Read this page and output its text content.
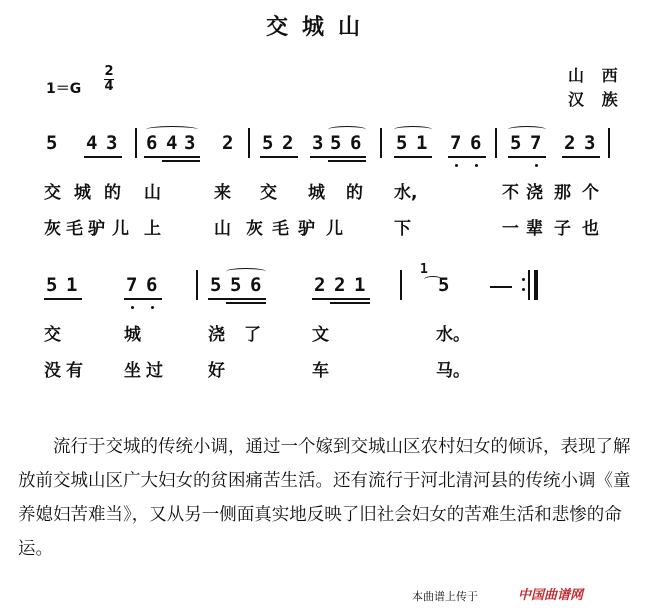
交城山
1＝G
2
4
山 西
汉 族
5 4 3 6 4 3 2 5 2 3 5 6 5 1 7 6 5 7 2 3
交 城 的 山	来 交 城 的 水,	不 浇 那 个
灰 毛 驴 儿 上	山 灰 毛 驴 儿	下	一 辈 子 也
5 1	7 6	5 5 6	2 2 1
1
5
交	城	浇 了	文	水。
没 有 坐 过	好	车	马。

流行于交城的传统小调，通过一个嫁到交城山区农村妇女的倾诉，表现了解放前交城山区广大妇女的贫困痛苦生活。还有流行于河北清河县的传统小调《童养媳妇苦难当》，又从另一侧面真实地反映了旧社会妇女的苦难生活和悲惨的命运。

本曲谱上传于	中国曲谱网
